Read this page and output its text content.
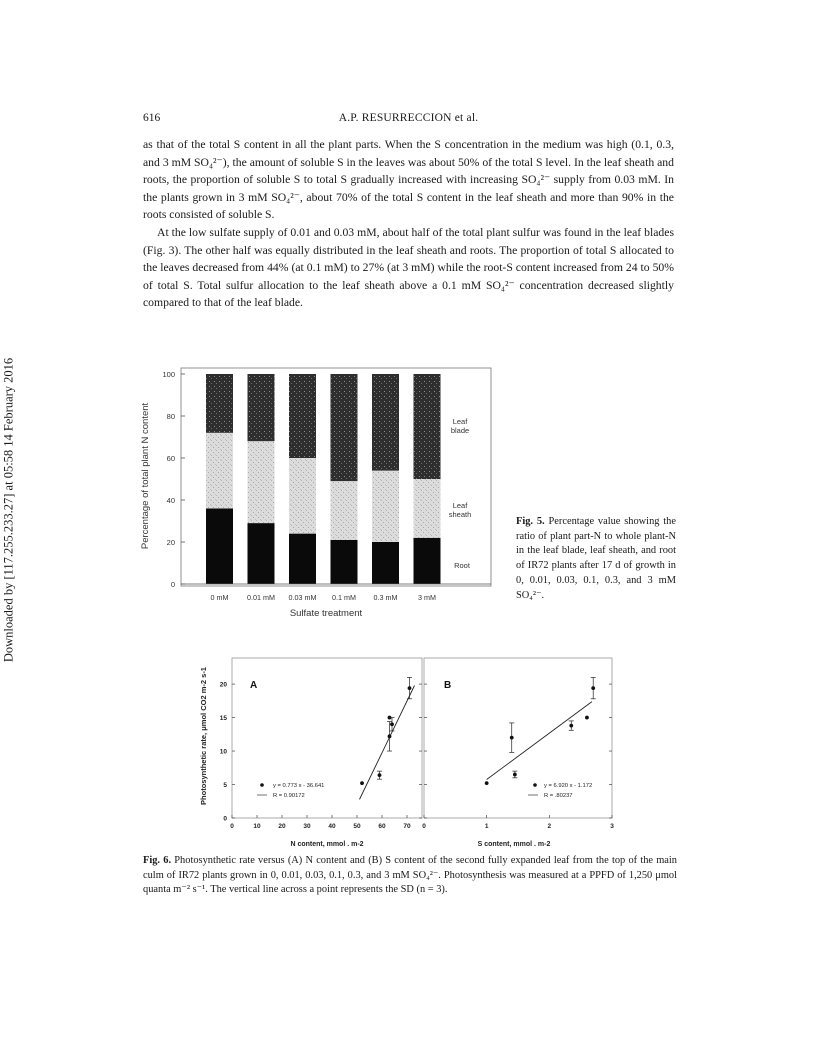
616	A.P. RESURRECCION et al.

as that of the total S content in all the plant parts. When the S concentration in the medium was high (0.1, 0.3, and 3 mM SO₄²⁻), the amount of soluble S in the leaves was about 50% of the total S level. In the leaf sheath and roots, the proportion of soluble S to total S gradually increased with increasing SO₄²⁻ supply from 0.03 mM. In the plants grown in 3 mM SO₄²⁻, about 70% of the total S content in the leaf sheath and more than 90% in the roots consisted of soluble S.

At the low sulfate supply of 0.01 and 0.03 mM, about half of the total plant sulfur was found in the leaf blades (Fig. 3). The other half was equally distributed in the leaf sheath and roots. The proportion of total S allocated to the leaves decreased from 44% (at 0.1 mM) to 27% (at 3 mM) while the root-S content increased from 24 to 50% of total S. Total sulfur allocation to the leaf sheath above a 0.1 mM SO₄²⁻ concentration decreased slightly compared to that of the leaf blade.

Downloaded by [117.255.233.27] at 05:58 14 February 2016	0 mM	0.01 mM 0.03 mM 0.1 mM 0.3 mM	3 mM
0
20
40
60
80
100
Percentage of total plant N content
Sulfate treatment
Leaf
blade
Leaf
sheath
Root
Fig. 5. Percentage value showing the ratio of plant part-N to whole plant-N in the leaf blade, leaf sheath, and root of IR72 plants after 17 d of growth in 0, 0.01, 0.03, 0.1, 0.3, and 3 mM SO₄²⁻.
A
0	10	20	30	40	50	60	70
0
5
10
15
20
y = 0.773 x - 36.641
R = 0.90172
Photosynthetic rate, μmol CO2 m-2 s-1
N content, mmol . m-2
B
0	1	2	3
y = 6.920 x - 1.172
R = .80237
S content, mmol . m-2
Fig. 6. Photosynthetic rate versus (A) N content and (B) S content of the second fully expanded leaf from the top of the main culm of IR72 plants grown in 0, 0.01, 0.03, 0.1, 0.3, and 3 mM SO₄²⁻. Photosynthesis was measured at a PPFD of 1,250 μmol quanta m⁻² s⁻¹. The vertical line across a point represents the SD (n = 3).
